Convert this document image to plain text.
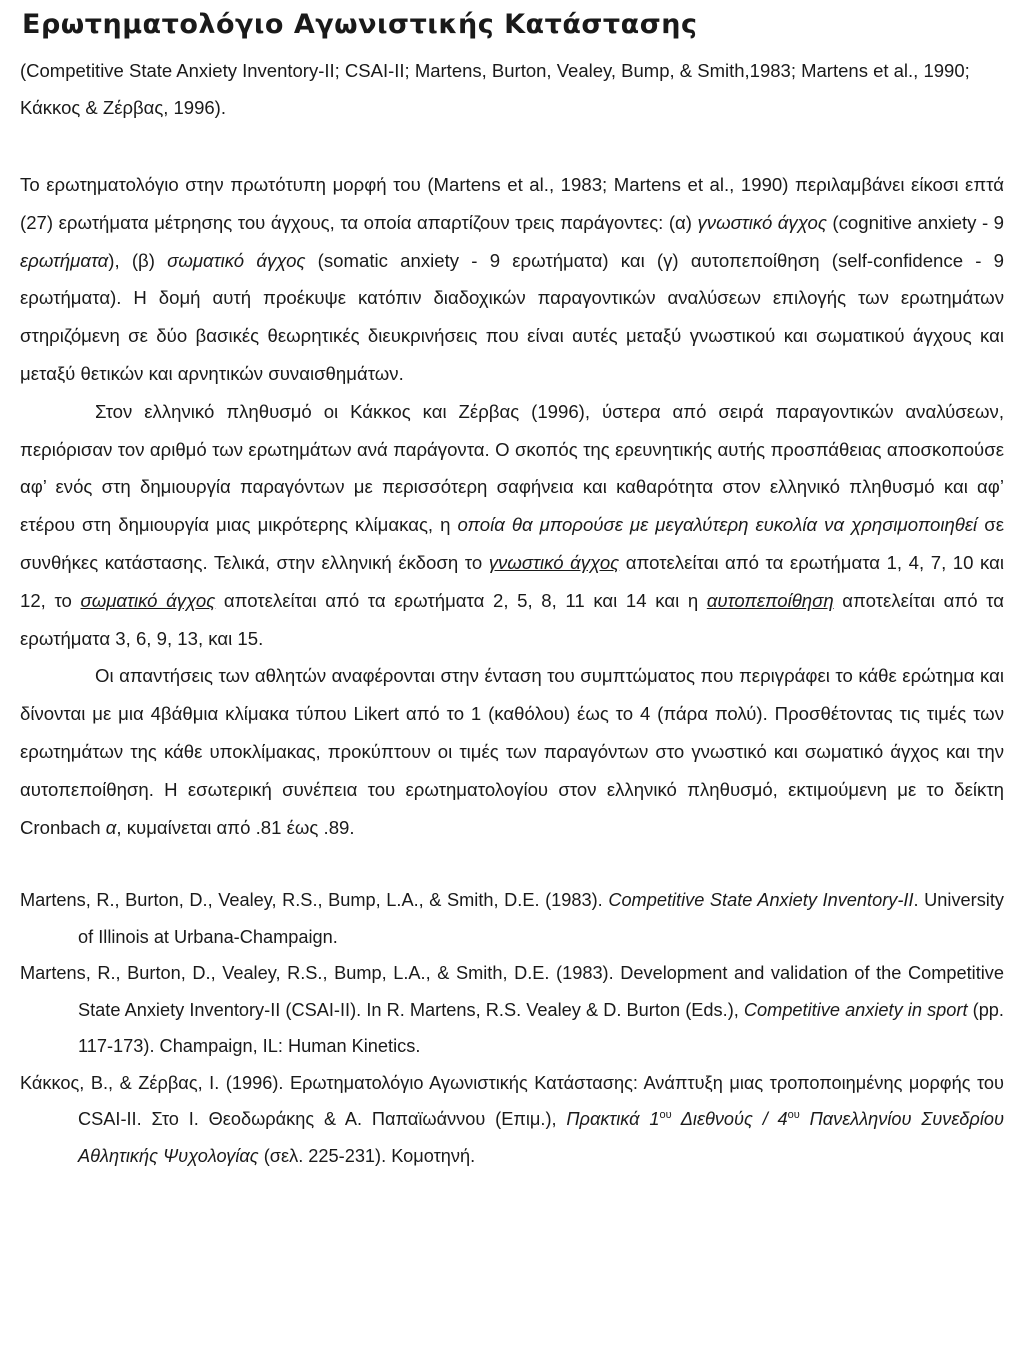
Ερωτηματολόγιο Αγωνιστικής Κατάστασης

(Competitive State Anxiety Inventory-II; CSAI-II; Martens, Burton, Vealey, Bump, & Smith,1983; Martens et al., 1990; Κάκκος & Ζέρβας, 1996).

Το ερωτηματολόγιο στην πρωτότυπη μορφή του (Martens et al., 1983; Martens et al., 1990) περιλαμβάνει είκοσι επτά (27) ερωτήματα μέτρησης του άγχους, τα οποία απαρτίζουν τρεις παράγοντες: (α) γνωστικό άγχος (cognitive anxiety - 9 ερωτήματα), (β) σωματικό άγχος (somatic anxiety - 9 ερωτήματα) και (γ) αυτοπεποίθηση (self-confidence - 9 ερωτήματα). Η δομή αυτή προέκυψε κατόπιν διαδοχικών παραγοντικών αναλύσεων επιλογής των ερωτημάτων στηριζόμενη σε δύο βασικές θεωρητικές διευκρινήσεις που είναι αυτές μεταξύ γνωστικού και σωματικού άγχους και μεταξύ θετικών και αρνητικών συναισθημάτων.

Στον ελληνικό πληθυσμό οι Κάκκος και Ζέρβας (1996), ύστερα από σειρά παραγοντικών αναλύσεων, περιόρισαν τον αριθμό των ερωτημάτων ανά παράγοντα. Ο σκοπός της ερευνητικής αυτής προσπάθειας αποσκοπούσε αφ’ ενός στη δημιουργία παραγόντων με περισσότερη σαφήνεια και καθαρότητα στον ελληνικό πληθυσμό και αφ’ ετέρου στη δημιουργία μιας μικρότερης κλίμακας, η οποία θα μπορούσε με μεγαλύτερη ευκολία να χρησιμοποιηθεί σε συνθήκες κατάστασης. Τελικά, στην ελληνική έκδοση το γνωστικό άγχος αποτελείται από τα ερωτήματα 1, 4, 7, 10 και 12, το σωματικό άγχος αποτελείται από τα ερωτήματα 2, 5, 8, 11 και 14 και η αυτοπεποίθηση αποτελείται από τα ερωτήματα 3, 6, 9, 13, και 15.

Οι απαντήσεις των αθλητών αναφέρονται στην ένταση του συμπτώματος που περιγράφει το κάθε ερώτημα και δίνονται με μια 4βάθμια κλίμακα τύπου Likert από το 1 (καθόλου) έως το 4 (πάρα πολύ). Προσθέτοντας τις τιμές των ερωτημάτων της κάθε υποκλίμακας, προκύπτουν οι τιμές των παραγόντων στο γνωστικό και σωματικό άγχος και την αυτοπεποίθηση. Η εσωτερική συνέπεια του ερωτηματολογίου στον ελληνικό πληθυσμό, εκτιμούμενη με το δείκτη Cronbach α, κυμαίνεται από .81 έως .89.

Martens, R., Burton, D., Vealey, R.S., Bump, L.A., & Smith, D.E. (1983). Competitive State Anxiety Inventory-II. University of Illinois at Urbana-Champaign.

Martens, R., Burton, D., Vealey, R.S., Bump, L.A., & Smith, D.E. (1983). Development and validation of the Competitive State Anxiety Inventory-II (CSAI-II). In R. Martens, R.S. Vealey & D. Burton (Eds.), Competitive anxiety in sport (pp. 117-173). Champaign, IL: Human Kinetics.

Κάκκος, Β., & Ζέρβας, Ι. (1996). Ερωτηματολόγιο Αγωνιστικής Κατάστασης: Ανάπτυξη μιας τροποποιημένης μορφής του CSAI-II. Στο Ι. Θεοδωράκης & Α. Παπαϊωάννου (Επιμ.), Πρακτικά $1^{o\upsilon}$ Διεθνούς / $4^{o\upsilon}$ Πανελληνίου Συνεδρίου Αθλητικής Ψυχολογίας (σελ. 225-231). Κομοτηνή.
